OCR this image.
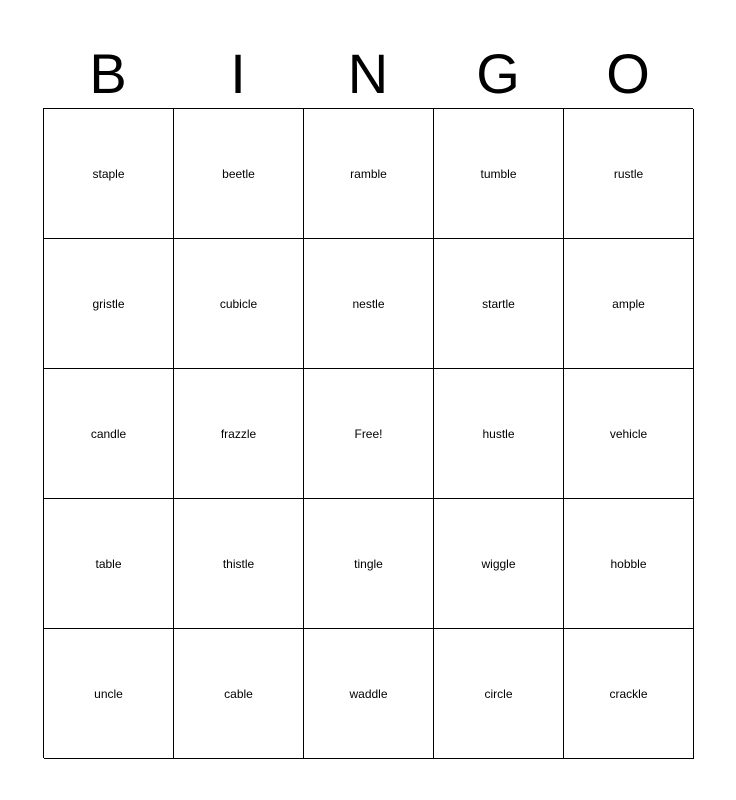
B	I	N	G	O
staple	beetle	ramble	tumble	rustle
gristle	cubicle	nestle	startle	ample
candle	frazzle	Free!	hustle	vehicle
table	thistle	tingle	wiggle	hobble
uncle	cable	waddle	circle	crackle
